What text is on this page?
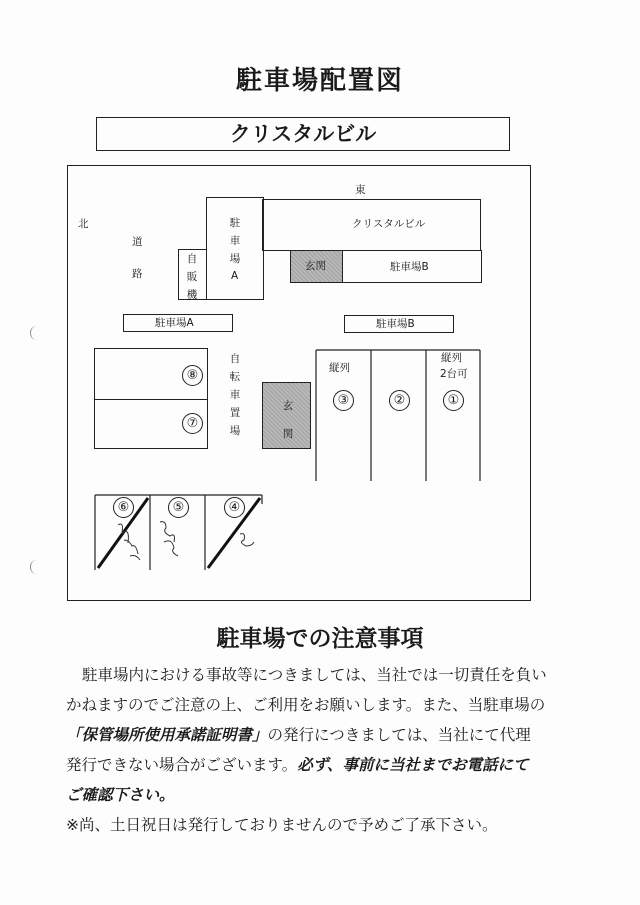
駐車場配置図
クリスタルビル
東
北
道
路
駐車場
A
自販機
クリスタルビル
玄関	駐車場B
駐車場A	駐車場B
⑧
⑦
自転車置場
玄関
縦列
③	②
縦列
2台可
①
⑥	⑤	④
駐車場での注意事項
駐車場内における事故等につきましては、当社では一切責任を負い
かねますのでご注意の上、ご利用をお願いします。また、当駐車場の
「保管場所使用承諾証明書」の発行につきましては、当社にて代理
発行できない場合がございます。必ず、事前に当社までお電話にて
ご確認下さい。
※尚、土日祝日は発行しておりませんので予めご了承下さい。
